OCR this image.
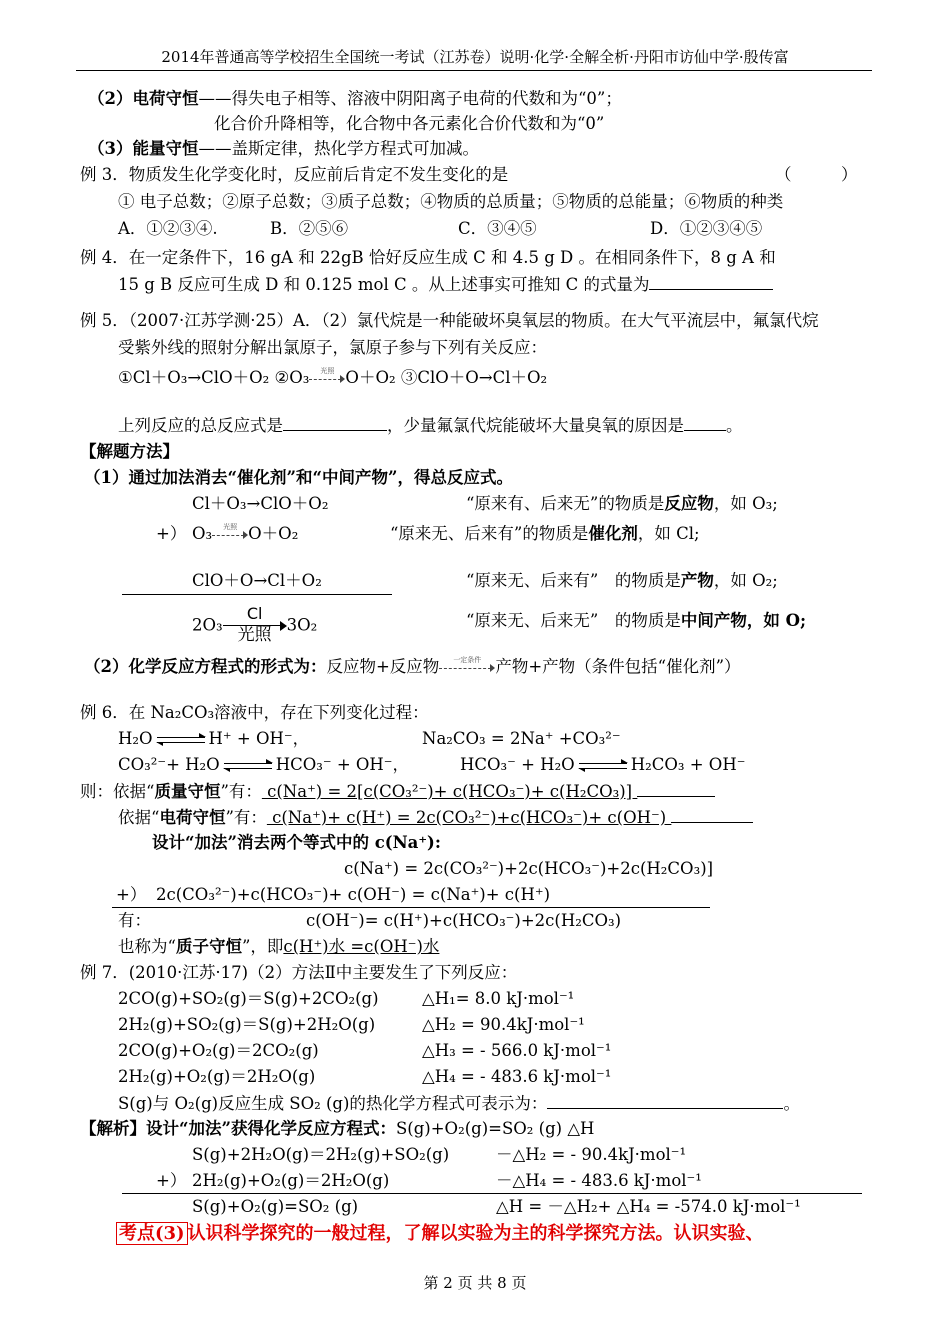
2014年普通高等学校招生全国统一考试（江苏卷）说明·化学·全解全析·丹阳市访仙中学·殷传富
（2）电荷守恒——得失电子相等、溶液中阴阳离子电荷的代数和为“0”；
化合价升降相等，化合物中各元素化合价代数和为“0”
（3）能量守恒——盖斯定律，热化学方程式可加减。
例 3．物质发生化学变化时，反应前后肯定不发生变化的是	（　　　）
① 电子总数；②原子总数；③质子总数；④物质的总质量；⑤物质的总能量；⑥物质的种类
A．①②③④.	B．②⑤⑥	C．③④⑤	D．①②③④⑤
例 4．在一定条件下，16 gA 和 22gB 恰好反应生成 C 和 4.5 g D 。在相同条件下，8 g A 和
15 g B 反应可生成 D 和 0.125 mol C 。从上述事实可推知 C 的式量为
例 5．（2007·江苏学测·25）A．（2）氯代烷是一种能破坏臭氧层的物质。在大气平流层中，氟氯代烷
受紫外线的照射分解出氯原子，氯原子参与下列有关反应：
①Cl＋O₃→ClO＋O₂ ②O₃	光照 O＋O₂ ③ClO＋O→Cl＋O₂
上列反应的总反应式是	，少量氟氯代烷能破坏大量臭氧的原因是	。
【解题方法】
（1）通过加法消去“催化剂”和“中间产物”，得总反应式。
Cl＋O₃→ClO＋O₂	“原来有、后来无”的物质是反应物，如 O₃;
+） O₃	光照 O＋O₂	“原来无、后来有”的物质是催化剂，如 Cl;
ClO＋O→Cl＋O₂	“原来无、后来有”　的物质是产物，如 O₂;
2O₃
Cl
光照 3O₂	“原来无、后来无”　的物质是中间产物，如 O;
（2）化学反应方程式的形式为：反应物+反应物	一定条件 产物+产物（条件包括“催化剂”）
例 6．在 Na₂CO₃溶液中，存在下列变化过程：
H₂O ⇌ H⁺ + OH⁻，	Na₂CO₃ = 2Na⁺ +CO₃²⁻
CO₃²⁻+ H₂O ⇌ HCO₃⁻ + OH⁻，	HCO₃⁻ + H₂O ⇌ H₂CO₃ + OH⁻
则：依据“质量守恒”有： c(Na⁺) = 2[c(CO₃²⁻)+ c(HCO₃⁻)+ c(H₂CO₃)]
依据“电荷守恒”有： c(Na⁺)+ c(H⁺) = 2c(CO₃²⁻)+c(HCO₃⁻)+ c(OH⁻)
设计“加法”消去两个等式中的 c(Na⁺):
c(Na⁺) = 2c(CO₃²⁻)+2c(HCO₃⁻)+2c(H₂CO₃)]
+） 2c(CO₃²⁻)+c(HCO₃⁻)+ c(OH⁻) = c(Na⁺)+ c(H⁺)
有：	c(OH⁻)= c(H⁺)+c(HCO₃⁻)+2c(H₂CO₃)
也称为“质子守恒”，即c(H⁺)水 =c(OH⁻)水
例 7．(2010·江苏·17)（2）方法Ⅱ中主要发生了下列反应：
2CO(g)+SO₂(g)＝S(g)+2CO₂(g)	△H₁= 8.0 kJ·mol⁻¹
2H₂(g)+SO₂(g)＝S(g)+2H₂O(g)	△H₂ = 90.4kJ·mol⁻¹
2CO(g)+O₂(g)＝2CO₂(g)	△H₃ = - 566.0 kJ·mol⁻¹
2H₂(g)+O₂(g)＝2H₂O(g)	△H₄ = - 483.6 kJ·mol⁻¹
S(g)与 O₂(g)反应生成 SO₂ (g)的热化学方程式可表示为：	。
【解析】设计“加法”获得化学反应方程式：S(g)+O₂(g)=SO₂ (g) △H
S(g)+2H₂O(g)＝2H₂(g)+SO₂(g)	－△H₂ = - 90.4kJ·mol⁻¹
+） 2H₂(g)+O₂(g)＝2H₂O(g)	－△H₄ = - 483.6 kJ·mol⁻¹
S(g)+O₂(g)=SO₂ (g)	△H = －△H₂+ △H₄ = -574.0 kJ·mol⁻¹
考点(3) 认识科学探究的一般过程，了解以实验为主的科学探究方法。认识实验、
第 2 页 共 8 页
